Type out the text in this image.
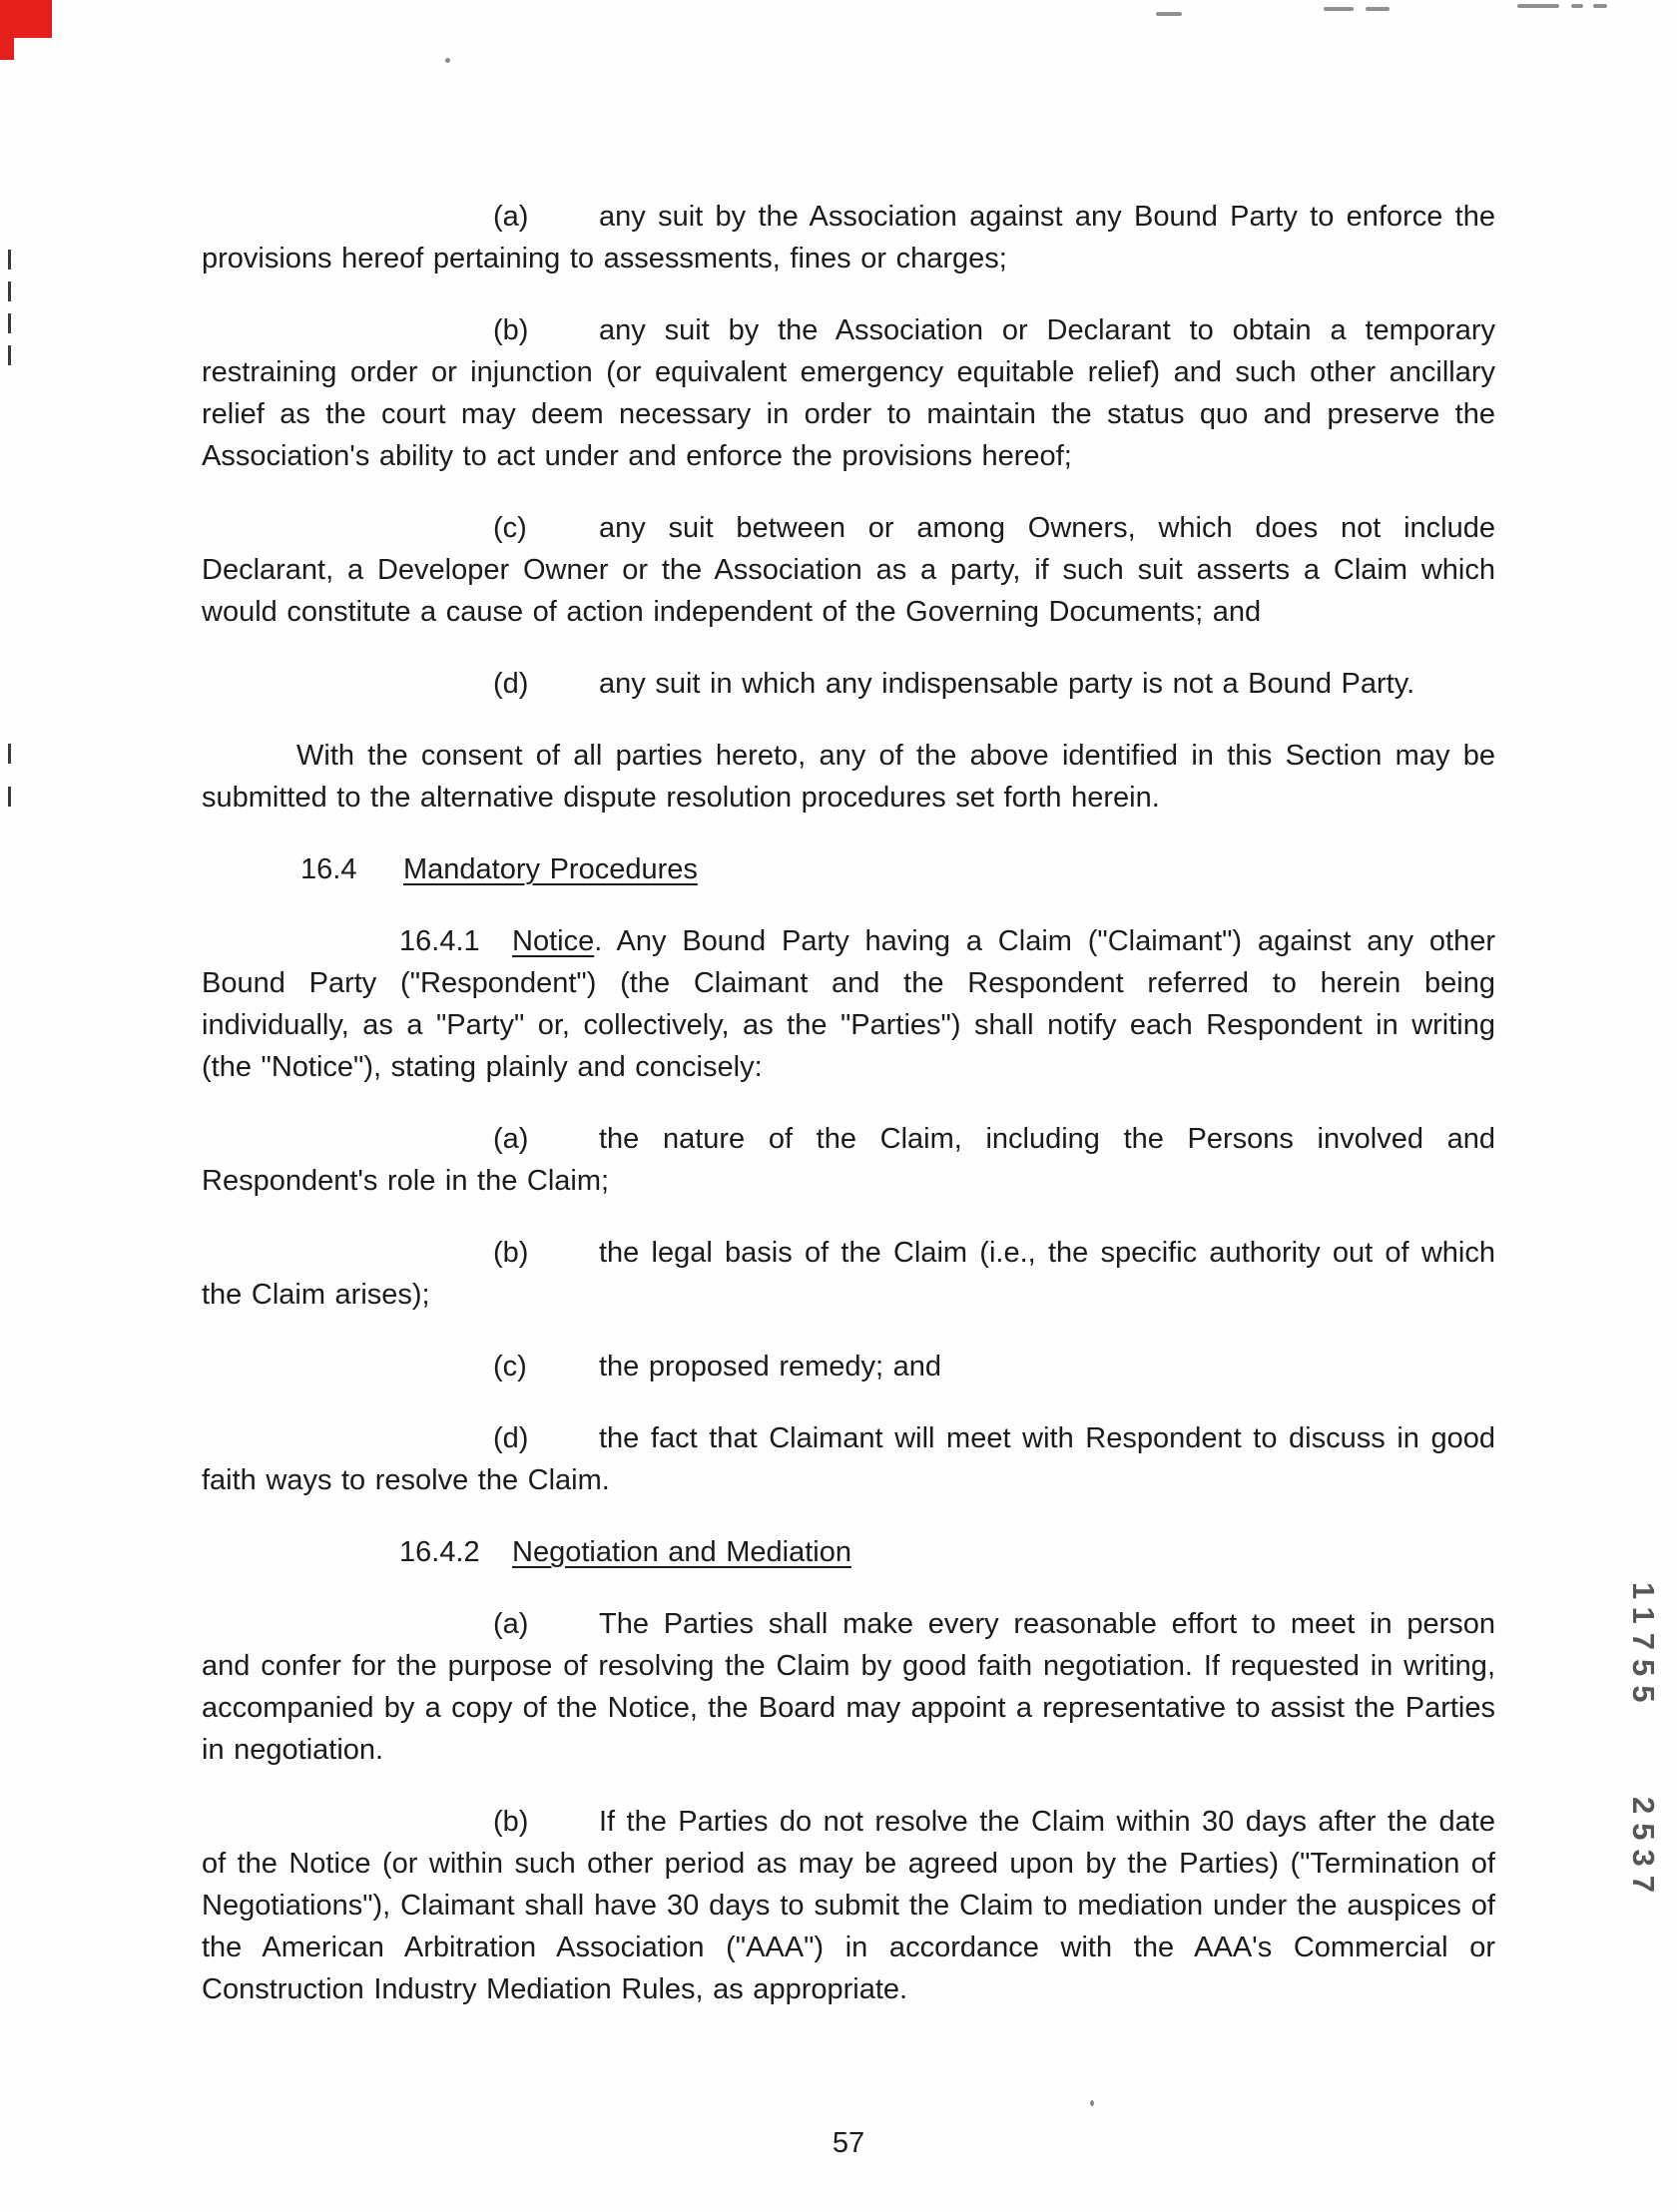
(a) any suit by the Association against any Bound Party to enforce the provisions hereof pertaining to assessments, fines or charges;

(b) any suit by the Association or Declarant to obtain a temporary restraining order or injunction (or equivalent emergency equitable relief) and such other ancillary relief as the court may deem necessary in order to maintain the status quo and preserve the Association's ability to act under and enforce the provisions hereof;

(c) any suit between or among Owners, which does not include Declarant, a Developer Owner or the Association as a party, if such suit asserts a Claim which would constitute a cause of action independent of the Governing Documents; and

(d) any suit in which any indispensable party is not a Bound Party.

With the consent of all parties hereto, any of the above identified in this Section may be submitted to the alternative dispute resolution procedures set forth herein.

16.4 Mandatory Procedures

16.4.1 Notice. Any Bound Party having a Claim ("Claimant") against any other Bound Party ("Respondent") (the Claimant and the Respondent referred to herein being individually, as a "Party" or, collectively, as the "Parties") shall notify each Respondent in writing (the "Notice"), stating plainly and concisely:

(a) the nature of the Claim, including the Persons involved and Respondent's role in the Claim;

(b) the legal basis of the Claim (i.e., the specific authority out of which the Claim arises);

(c) the proposed remedy; and

(d) the fact that Claimant will meet with Respondent to discuss in good faith ways to resolve the Claim.

16.4.2 Negotiation and Mediation

(a) The Parties shall make every reasonable effort to meet in person and confer for the purpose of resolving the Claim by good faith negotiation. If requested in writing, accompanied by a copy of the Notice, the Board may appoint a representative to assist the Parties in negotiation.

(b) If the Parties do not resolve the Claim within 30 days after the date of the Notice (or within such other period as may be agreed upon by the Parties) ("Termination of Negotiations"), Claimant shall have 30 days to submit the Claim to mediation under the auspices of the American Arbitration Association ("AAA") in accordance with the AAA's Commercial or Construction Industry Mediation Rules, as appropriate.

11755
2537
57
